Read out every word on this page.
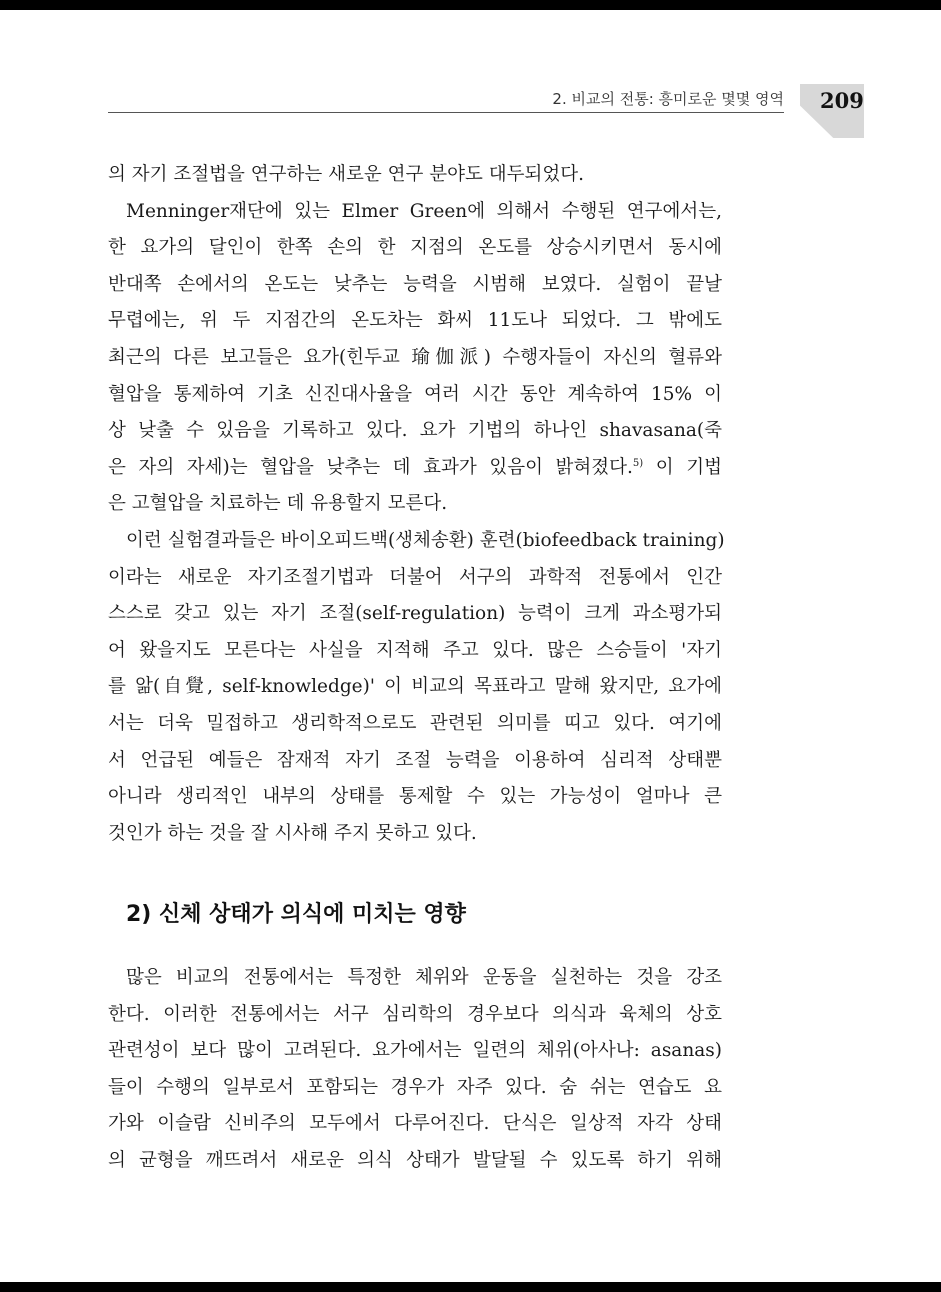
2. 비교의 전통: 흥미로운 몇몇 영역 209
의 자기 조절법을 연구하는 새로운 연구 분야도 대두되었다.
Menninger재단에 있는 Elmer Green에 의해서 수행된 연구에서는,
한 요가의 달인이 한쪽 손의 한 지점의 온도를 상승시키면서 동시에
반대쪽 손에서의 온도는 낮추는 능력을 시범해 보였다. 실험이 끝날
무렵에는, 위 두 지점간의 온도차는 화씨 11도나 되었다. 그 밖에도
최근의 다른 보고들은 요가(힌두교 瑜伽派) 수행자들이 자신의 혈류와
혈압을 통제하여 기초 신진대사율을 여러 시간 동안 계속하여 15% 이
상 낮출 수 있음을 기록하고 있다. 요가 기법의 하나인 shavasana(죽
은 자의 자세)는 혈압을 낮추는 데 효과가 있음이 밝혀졌다.$^{5)}$ 이 기법
은 고혈압을 치료하는 데 유용할지 모른다.
이런 실험결과들은 바이오피드백(생체송환) 훈련(biofeedback training)
이라는 새로운 자기조절기법과 더불어 서구의 과학적 전통에서 인간
스스로 갖고 있는 자기 조절(self-regulation) 능력이 크게 과소평가되
어 왔을지도 모른다는 사실을 지적해 주고 있다. 많은 스승들이 '자기
를 앎(自覺, self-knowledge)' 이 비교의 목표라고 말해 왔지만, 요가에
서는 더욱 밀접하고 생리학적으로도 관련된 의미를 띠고 있다. 여기에
서 언급된 예들은 잠재적 자기 조절 능력을 이용하여 심리적 상태뿐
아니라 생리적인 내부의 상태를 통제할 수 있는 가능성이 얼마나 큰
것인가 하는 것을 잘 시사해 주지 못하고 있다.
2) 신체 상태가 의식에 미치는 영향
많은 비교의 전통에서는 특정한 체위와 운동을 실천하는 것을 강조
한다. 이러한 전통에서는 서구 심리학의 경우보다 의식과 육체의 상호
관련성이 보다 많이 고려된다. 요가에서는 일련의 체위(아사나: asanas)
들이 수행의 일부로서 포함되는 경우가 자주 있다. 숨 쉬는 연습도 요
가와 이슬람 신비주의 모두에서 다루어진다. 단식은 일상적 자각 상태
의 균형을 깨뜨려서 새로운 의식 상태가 발달될 수 있도록 하기 위해
